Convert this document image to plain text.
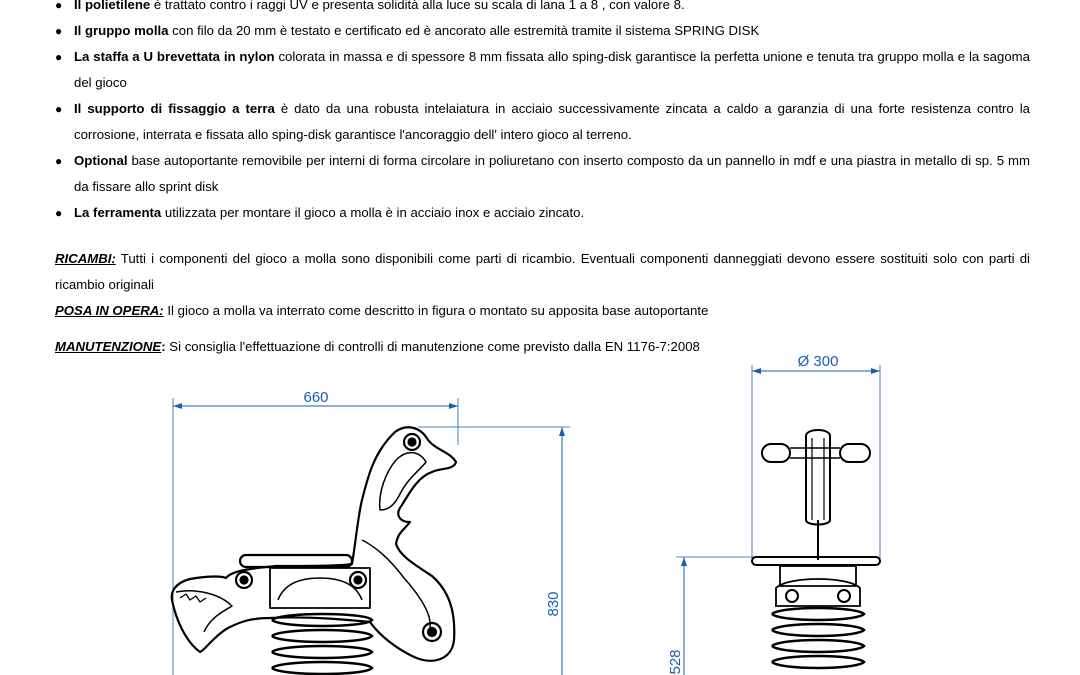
● Il polietilene è trattato contro i raggi UV e presenta solidità alla luce su scala di lana 1 a 8 , con valore 8.
● Il gruppo molla con filo da 20 mm è testato e certificato ed è ancorato alle estremità tramite il sistema SPRING DISK
● La staffa a U brevettata in nylon colorata in massa e di spessore 8 mm fissata allo sping-disk garantisce la perfetta unione e tenuta tra gruppo molla e la sagoma del gioco
● Il supporto di fissaggio a terra è dato da una robusta intelaiatura in acciaio successivamente zincata a caldo a garanzia di una forte resistenza contro la corrosione, interrata e fissata allo sping-disk garantisce l'ancoraggio dell' intero gioco al terreno.
● Optional base autoportante removibile per interni di forma circolare in poliuretano con inserto composto da un pannello in mdf e una piastra in metallo di sp. 5 mm da fissare allo sprint disk
● La ferramenta utilizzata per montare il gioco a molla è in acciaio inox e acciaio zincato.
RICAMBI: Tutti i componenti del gioco a molla sono disponibili come parti di ricambio. Eventuali componenti danneggiati devono essere sostituiti solo con parti di ricambio originali
POSA IN OPERA: Il gioco a molla va interrato come descritto in figura o montato su apposita base autoportante
MANUTENZIONE: Si consiglia l'effettuazione di controlli di manutenzione come previsto dalla EN 1176-7:2008
660
830
Ø 300
528
